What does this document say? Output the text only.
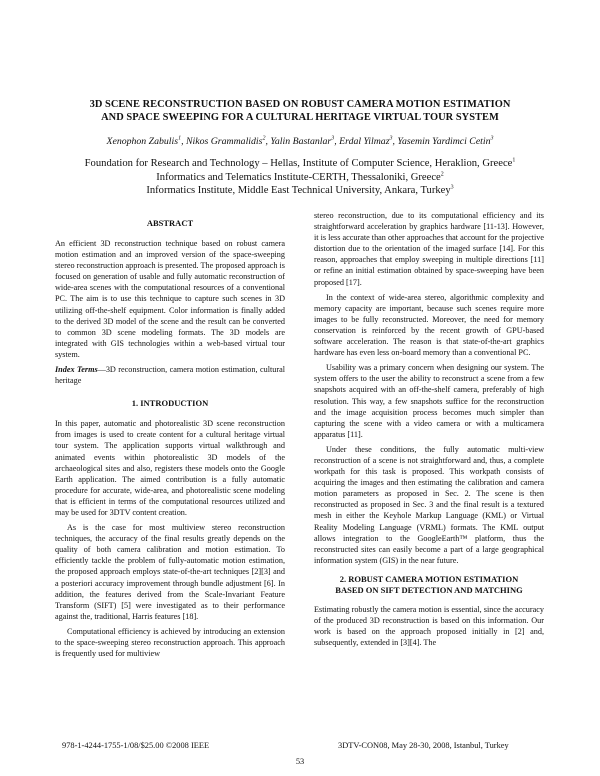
3D SCENE RECONSTRUCTION BASED ON ROBUST CAMERA MOTION ESTIMATION
AND SPACE SWEEPING FOR A CULTURAL HERITAGE VIRTUAL TOUR SYSTEM
Xenophon Zabulis$^1$, Nikos Grammalidis$^2$, Yalin Bastanlar$^3$, Erdal Yilmaz$^3$, Yasemin Yardimci Cetin$^3$
Foundation for Research and Technology – Hellas, Institute of Computer Science, Heraklion, Greece$^1$
Informatics and Telematics Institute-CERTH, Thessaloniki, Greece$^2$
Informatics Institute, Middle East Technical University, Ankara, Turkey$^3$
ABSTRACT

An efficient 3D reconstruction technique based on robust camera motion estimation and an improved version of the space-sweeping stereo reconstruction approach is presented. The proposed approach is focused on generation of usable and fully automatic reconstruction of wide-area scenes with the computational resources of a conventional PC. The aim is to use this technique to capture such scenes in 3D utilizing off-the-shelf equipment. Color information is finally added to the derived 3D model of the scene and the result can be converted to common 3D scene modeling formats. The 3D models are integrated with GIS technologies within a web-based virtual tour system.

Index Terms—3D reconstruction, camera motion estimation, cultural heritage

1. INTRODUCTION

In this paper, automatic and photorealistic 3D scene reconstruction from images is used to create content for a cultural heritage virtual tour system. The application supports virtual walkthrough and animated events within photorealistic 3D models of the archaeological sites and also, registers these models onto the Google Earth application. The aimed contribution is a fully automatic procedure for accurate, wide-area, and photorealistic scene modeling that is efficient in terms of the computational resources utilized and may be used for 3DTV content creation.

As is the case for most multiview stereo reconstruction techniques, the accuracy of the final results greatly depends on the quality of both camera calibration and motion estimation. To efficiently tackle the problem of fully-automatic motion estimation, the proposed approach employs state-of-the-art techniques [2][3] and a posteriori accuracy improvement through bundle adjustment [6]. In addition, the features derived from the Scale-Invariant Feature Transform (SIFT) [5] were investigated as to their performance against the, traditional, Harris features [18].

Computational efficiency is achieved by introducing an extension to the space-sweeping stereo reconstruction approach. This approach is frequently used for multiview

stereo reconstruction, due to its computational efficiency and its straightforward acceleration by graphics hardware [11-13]. However, it is less accurate than other approaches that account for the projective distortion due to the orientation of the imaged surface [14]. For this reason, approaches that employ sweeping in multiple directions [11] or refine an initial estimation obtained by space-sweeping have been proposed [17].

In the context of wide-area stereo, algorithmic complexity and memory capacity are important, because such scenes require more images to be fully reconstructed. Moreover, the need for memory conservation is reinforced by the recent growth of GPU-based software acceleration. The reason is that state-of-the-art graphics hardware has even less on-board memory than a conventional PC.

Usability was a primary concern when designing our system. The system offers to the user the ability to reconstruct a scene from a few snapshots acquired with an off-the-shelf camera, preferably of high resolution. This way, a few snapshots suffice for the reconstruction and the image acquisition process becomes much simpler than capturing the scene with a video camera or with a multicamera apparatus [11].

Under these conditions, the fully automatic multi-view reconstruction of a scene is not straightforward and, thus, a complete workpath for this task is proposed. This workpath consists of acquiring the images and then estimating the calibration and camera motion parameters as proposed in Sec. 2. The scene is then reconstructed as proposed in Sec. 3 and the final result is a textured mesh in either the Keyhole Markup Language (KML) or Virtual Reality Modeling Language (VRML) formats. The KML output allows integration to the GoogleEarth™ platform, thus the reconstructed sites can easily become a part of a large geographical information system (GIS) in the near future.

2. ROBUST CAMERA MOTION ESTIMATION
BASED ON SIFT DETECTION AND MATCHING

Estimating robustly the camera motion is essential, since the accuracy of the produced 3D reconstruction is based on this information. Our work is based on the approach proposed initially in [2] and, subsequently, extended in [3][4]. The

978-1-4244-1755-1/08/$25.00 ©2008 IEEE	3DTV-CON08, May 28-30, 2008, Istanbul, Turkey
53
